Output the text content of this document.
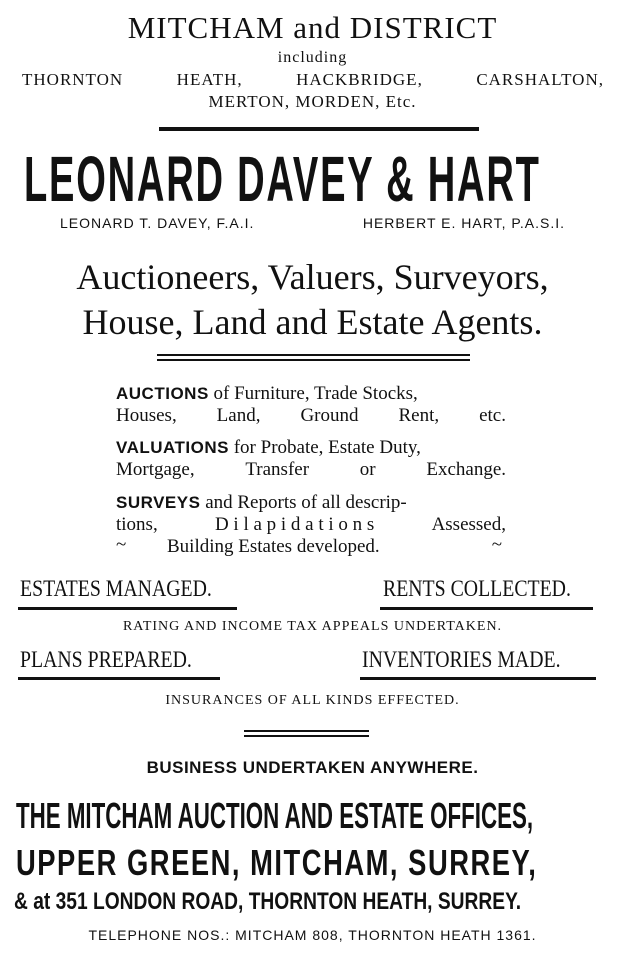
MITCHAM and DISTRICT
including
THORNTON	HEATH,	HACKBRIDGE,	CARSHALTON,
MERTON, MORDEN, Etc.
LEONARD DAVEY & HART
LEONARD T. DAVEY, F.A.I.	HERBERT E. HART, P.A.S.I.
Auctioneers, Valuers, Surveyors,
House, Land and Estate Agents.
AUCTIONS of Furniture, Trade Stocks,
Houses, Land, Ground Rent, etc.
VALUATIONS for Probate, Estate Duty,
Mortgage,	Transfer	or	Exchange.
SURVEYS and Reports of all descrip-
tions,	D i l a p i d a t i o n s	Assessed,
~ Building Estates developed.	~
ESTATES MANAGED.	RENTS COLLECTED.
RATING AND INCOME TAX APPEALS UNDERTAKEN.
PLANS PREPARED.	INVENTORIES MADE.
INSURANCES OF ALL KINDS EFFECTED.
BUSINESS UNDERTAKEN ANYWHERE.
THE MITCHAM AUCTION AND ESTATE OFFICES,
UPPER GREEN, MITCHAM, SURREY,
& at 351 LONDON ROAD, THORNTON HEATH, SURREY.
TELEPHONE NOS.: MITCHAM 808, THORNTON HEATH 1361.
